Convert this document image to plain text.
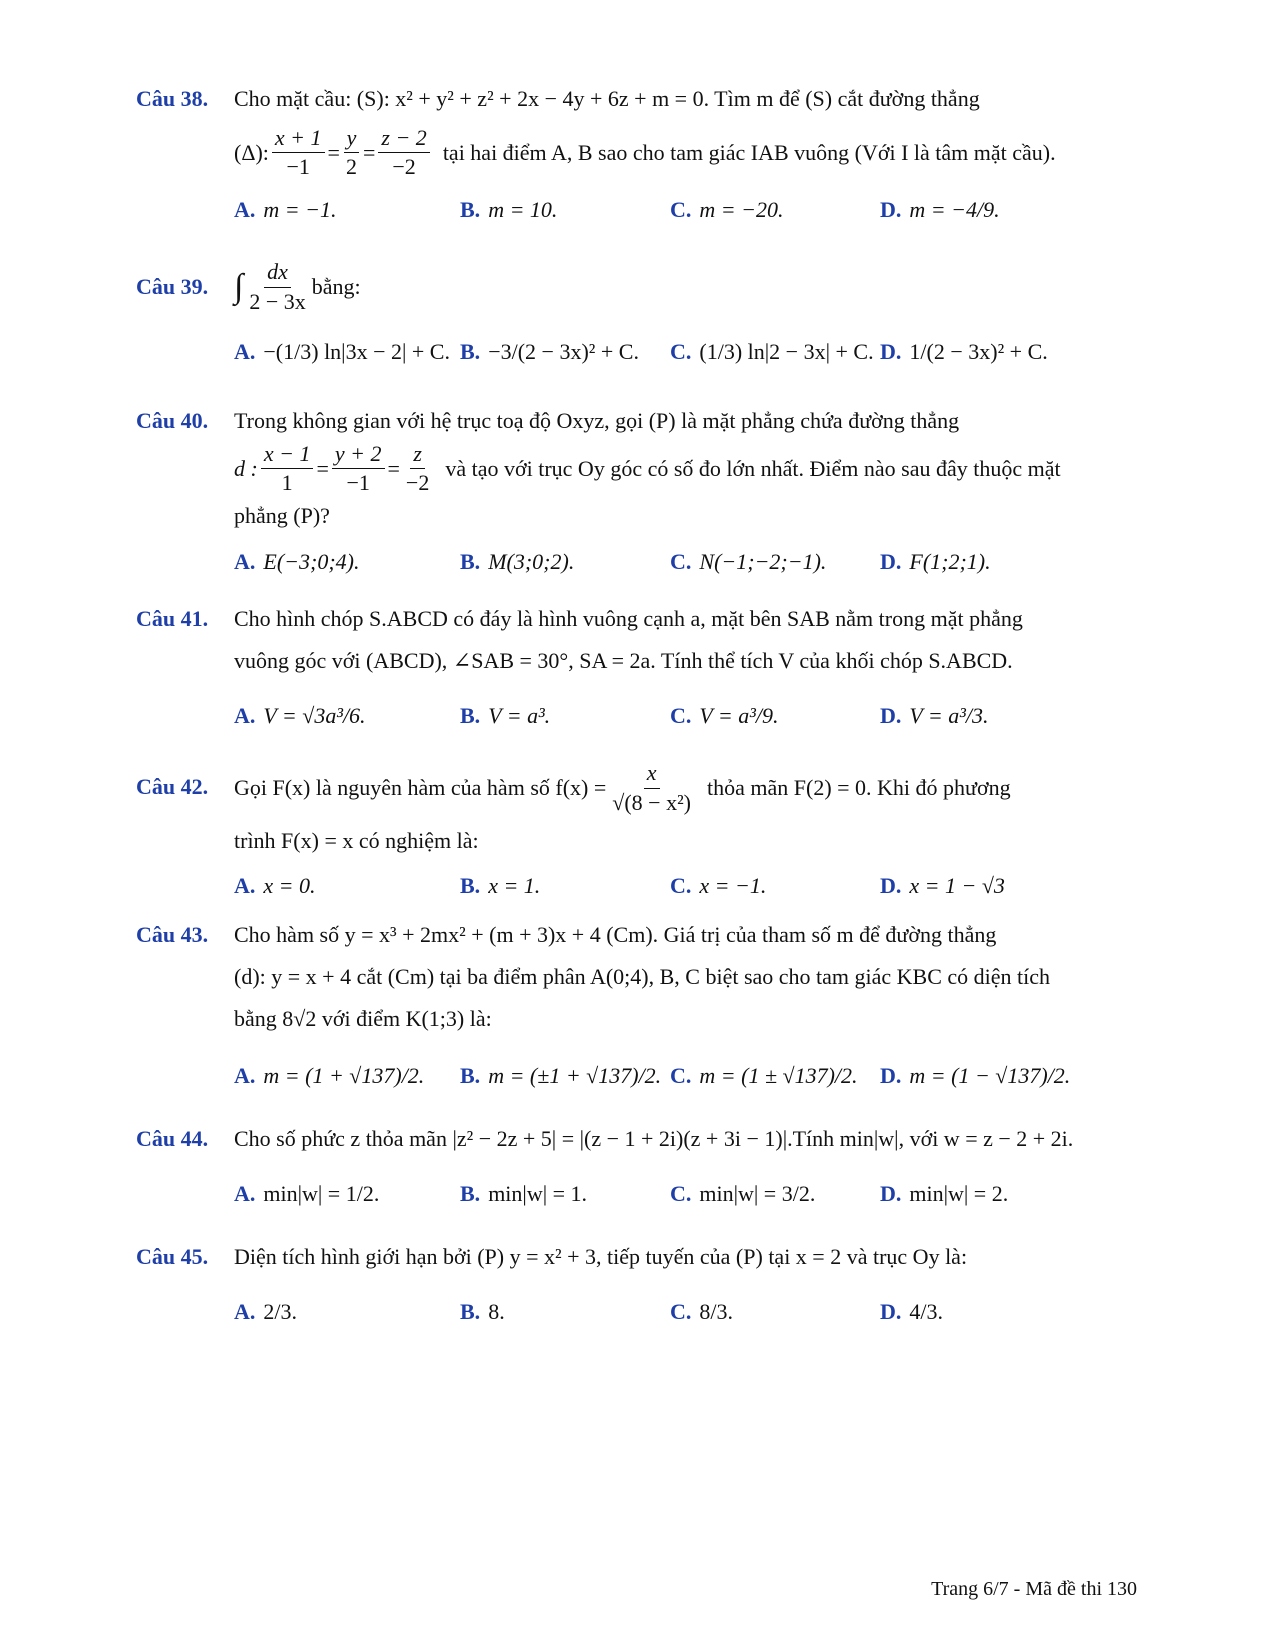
Câu 38. Cho mặt cầu: (S): x² + y² + z² + 2x − 4y + 6z + m = 0. Tìm m để (S) cắt đường thẳng
(Δ): $\frac{x + 1}{-1} = \frac{y}{2} = \frac{z - 2}{-2}$ tại hai điểm A, B sao cho tam giác IAB vuông (Với I là tâm mặt cầu).
A. m = −1.	B. m = 10.	C. m = −20.	D. m = −4/9.
Câu 39. ∫ $\frac{dx}{2 - 3x}$ bằng:
A. −(1/3) ln|3x − 2| + C. B. −3/(2 − 3x)² + C. C. (1/3) ln|2 − 3x| + C. D. 1/(2 − 3x)² + C.
Câu 40. Trong không gian với hệ trục toạ độ Oxyz, gọi (P) là mặt phẳng chứa đường thẳng
d : $\frac{x - 1}{1} = \frac{y + 2}{-1} = \frac{z}{-2}$ và tạo với trục Oy góc có số đo lớn nhất. Điểm nào sau đây thuộc mặt
phẳng (P)?
A. E(−3;0;4).	B. M(3;0;2).	C. N(−1;−2;−1). D. F(1;2;1).
Câu 41. Cho hình chóp S.ABCD có đáy là hình vuông cạnh a, mặt bên SAB nằm trong mặt phẳng
vuông góc với (ABCD), ∠SAB = 30°, SA = 2a. Tính thể tích V của khối chóp S.ABCD.
A. V = √3a³/6.	B. V = a³.	C. V = a³/9.	D. V = a³/3.
Câu 42. Gọi F(x) là nguyên hàm của hàm số $f(x) = \frac{x}{\text{√(8 − x²)}}$ thỏa mãn F(2) = 0. Khi đó phương
trình F(x) = x có nghiệm là:
A. x = 0.	B. x = 1.	C. x = −1.	D. x = 1 − √3
Câu 43. Cho hàm số y = x³ + 2mx² + (m + 3)x + 4 (Cm). Giá trị của tham số m để đường thẳng
(d): y = x + 4 cắt (Cm) tại ba điểm phân A(0;4), B, C biệt sao cho tam giác KBC có diện tích
bằng 8√2 với điểm K(1;3) là:
A. m = (1 + √137)/2. B. m = (±1 + √137)/2. C. m = (1 ± √137)/2. D. m = (1 − √137)/2.
Câu 44. Cho số phức z thỏa mãn |z² − 2z + 5| = |(z − 1 + 2i)(z + 3i − 1)|.Tính min|w|, với w = z − 2 + 2i.
A. min|w| = 1/2.	B. min|w| = 1.	C. min|w| = 3/2.	D. min|w| = 2.
Câu 45. Diện tích hình giới hạn bởi (P) y = x² + 3, tiếp tuyến của (P) tại x = 2 và trục Oy là:
A. 2/3.	B. 8.	C. 8/3.	D. 4/3.
Trang 6/7 - Mã đề thi 130
